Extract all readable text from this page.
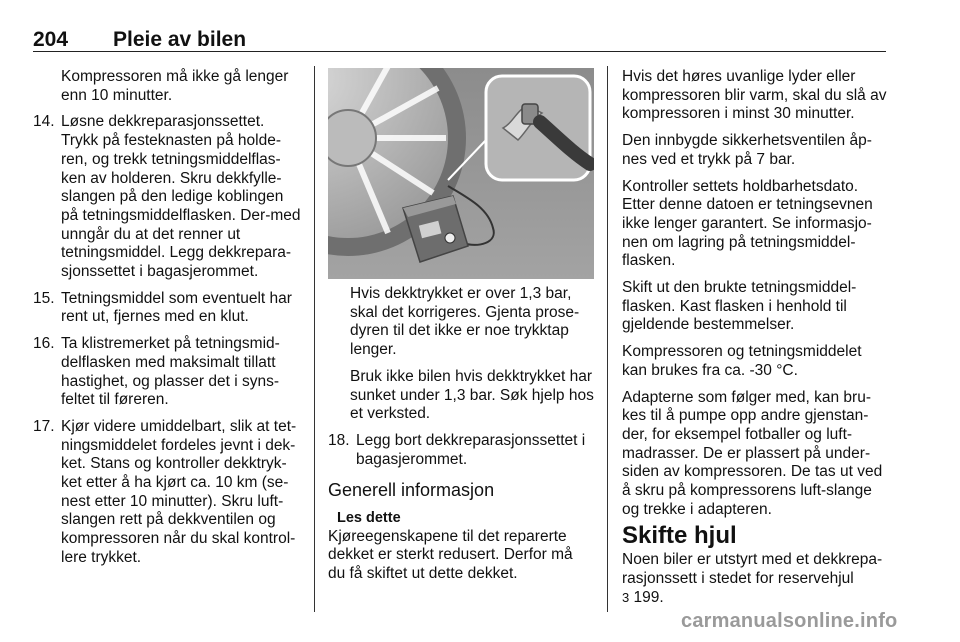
204 Pleie av bilen
Kompressoren må ikke gå lenger enn 10 minutter.
14. Løsne dekkreparasjonssettet. Trykk på festeknasten på holde-ren, og trekk tetningsmiddelflas-ken av holderen. Skru dekkfylle-slangen på den ledige koblingen på tetningsmiddelflasken. Der-med unngår du at det renner ut tetningsmiddel. Legg dekkrepara-sjonssettet i bagasjerommet.
15. Tetningsmiddel som eventuelt har rent ut, fjernes med en klut.
16. Ta klistremerket på tetningsmid-delflasken med maksimalt tillatt hastighet, og plasser det i syns-feltet til føreren.
17. Kjør videre umiddelbart, slik at tet-ningsmiddelet fordeles jevnt i dek-ket. Stans og kontroller dekktryk-ket etter å ha kjørt ca. 10 km (se-nest etter 10 minutter). Skru luft-slangen rett på dekkventilen og kompressoren når du skal kontrol-lere trykket.
Hvis dekktrykket er over 1,3 bar, skal det korrigeres. Gjenta prose-dyren til det ikke er noe trykktap lenger.
Bruk ikke bilen hvis dekktrykket har sunket under 1,3 bar. Søk hjelp hos et verksted.
18. Legg bort dekkreparasjonssettet i bagasjerommet.
Generell informasjon
Les dette
Kjøreegenskapene til det reparerte dekket er sterkt redusert. Derfor må du få skiftet ut dette dekket.
Hvis det høres uvanlige lyder eller kompressoren blir varm, skal du slå av kompressoren i minst 30 minutter.
Den innbygde sikkerhetsventilen åp-nes ved et trykk på 7 bar.
Kontroller settets holdbarhetsdato. Etter denne datoen er tetningsevnen ikke lenger garantert. Se informasjo-nen om lagring på tetningsmiddel-flasken.
Skift ut den brukte tetningsmiddel-flasken. Kast flasken i henhold til gjeldende bestemmelser.
Kompressoren og tetningsmiddelet kan brukes fra ca. -30 °C.
Adapterne som følger med, kan bru-kes til å pumpe opp andre gjenstan-der, for eksempel fotballer og luft-madrasser. De er plassert på under-siden av kompressoren. De tas ut ved å skru på kompressorens luft-slange og trekke i adapteren.
Skifte hjul
Noen biler er utstyrt med et dekkrepa-rasjonssett i stedet for reservehjul
3 199.
carmanualsonline.info
